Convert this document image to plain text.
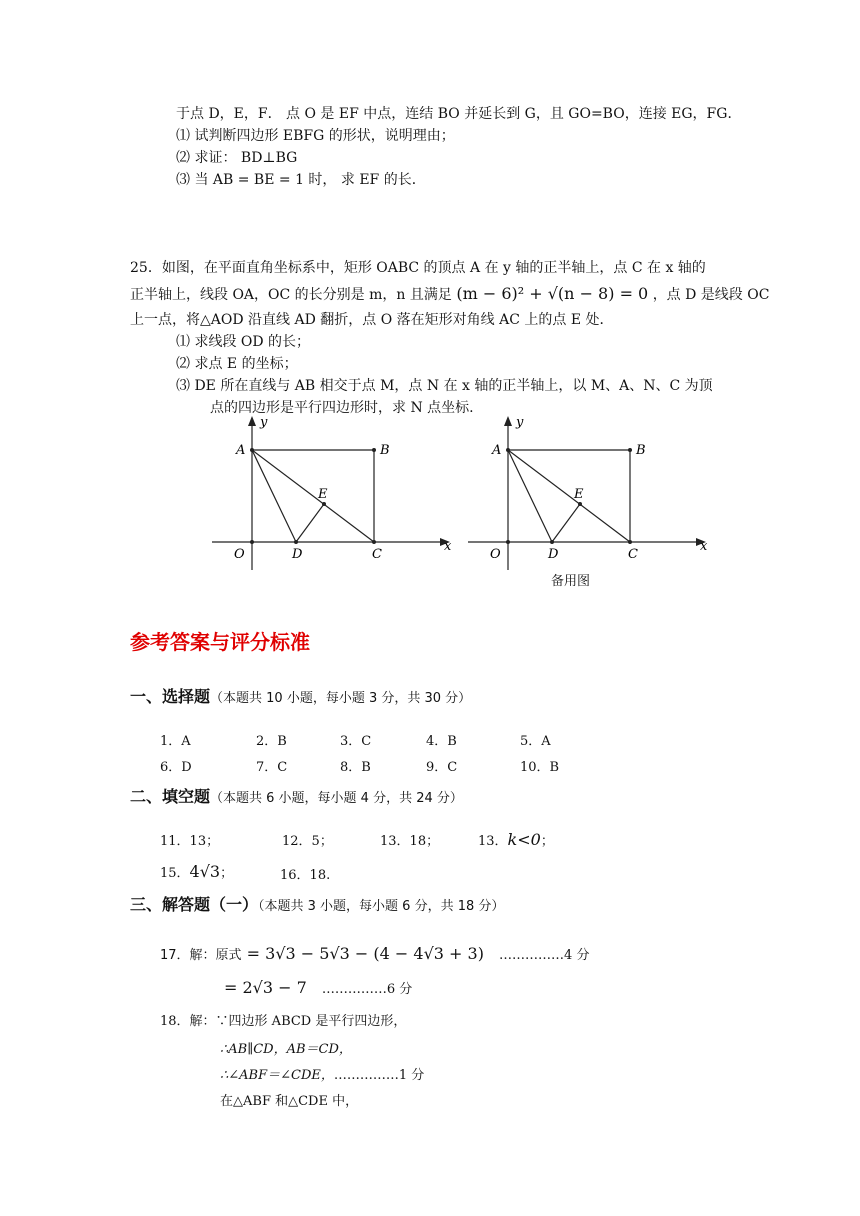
于点 D，E，F． 点 O 是 EF 中点，连结 BO 并延长到 G，且 GO=BO，连接 EG，FG．
⑴ 试判断四边形 EBFG 的形状，说明理由；
⑵ 求证： BD⊥BG
⑶ 当 AB = BE = 1 时， 求 EF 的长．
25．如图，在平面直角坐标系中，矩形 OABC 的顶点 A 在 y 轴的正半轴上，点 C 在 x 轴的
正半轴上，线段 OA，OC 的长分别是 m，n 且满足 (m − 6)² + √(n − 8) = 0 ，点 D 是线段 OC
上一点，将△AOD 沿直线 AD 翻折，点 O 落在矩形对角线 AC 上的点 E 处．
⑴ 求线段 OD 的长；
⑵ 求点 E 的坐标；
⑶ DE 所在直线与 AB 相交于点 M，点 N 在 x 轴的正半轴上，以 M、A、N、C 为顶
点的四边形是平行四边形时，求 N 点坐标.
y
x
A	B
E
O	D	C
y
x
A	B
E
O	D	C
备用图
参考答案与评分标准
一、选择题（本题共 10 小题，每小题 3 分，共 30 分）
1．A	2．B	3．C	4．B	5．A
6．D	7．C	8．B	9．C	10．B
二、填空题（本题共 6 小题，每小题 4 分，共 24 分）
11．13；	12．5；	13．18；	13．k<0；
15．4√3；	16．18.
三、解答题（一）（本题共 3 小题，每小题 6 分，共 18 分）
17．解：原式 = 3√3 − 5√3 − (4 − 4√3 + 3) ……………4 分
= 2√3 − 7 ……………6 分
18．解：∵四边形 ABCD 是平行四边形，
∴AB∥CD，AB＝CD，
∴∠ABF＝∠CDE，……………1 分
在△ABF 和△CDE 中，
